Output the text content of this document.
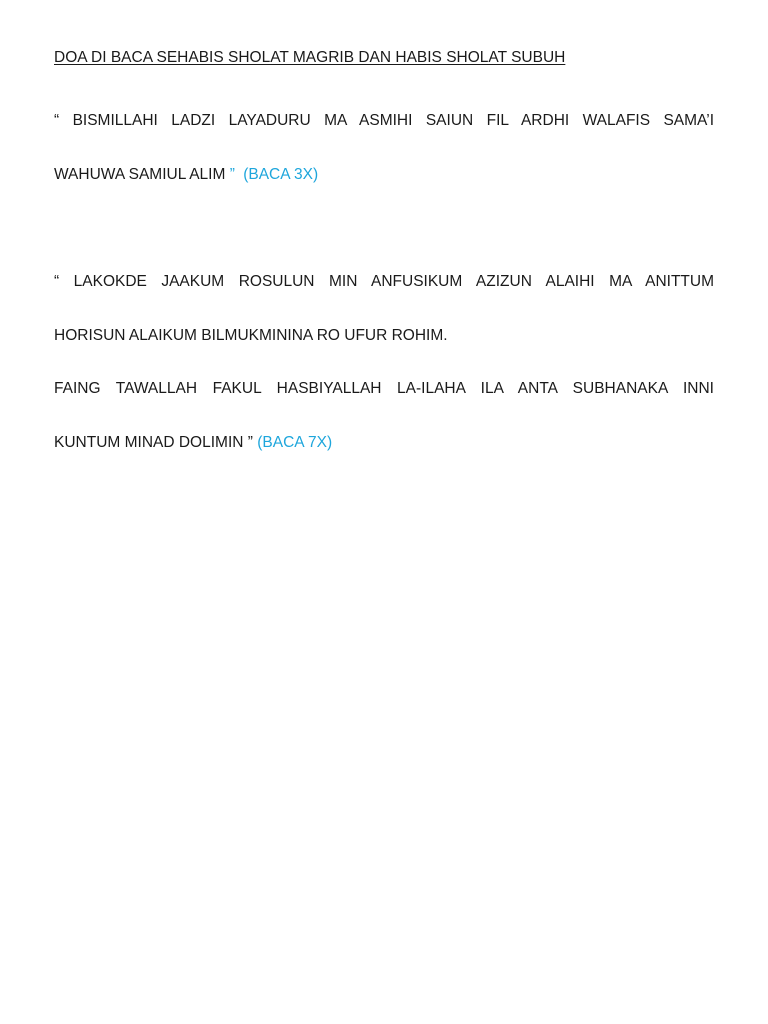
DOA DI BACA SEHABIS SHOLAT MAGRIB DAN HABIS SHOLAT SUBUH
“ BISMILLAHI LADZI LAYADURU MA ASMIHI SAIUN FIL ARDHI WALAFIS SAMA’I
WAHUWA SAMIUL ALIM ” (BACA 3X)
“ LAKOKDE JAAKUM ROSULUN MIN ANFUSIKUM AZIZUN ALAIHI MA ANITTUM
HORISUN ALAIKUM BILMUKMININA RO UFUR ROHIM.
FAING TAWALLAH FAKUL HASBIYALLAH LA-ILAHA ILA ANTA SUBHANAKA INNI
KUNTUM MINAD DOLIMIN ” (BACA 7X)
